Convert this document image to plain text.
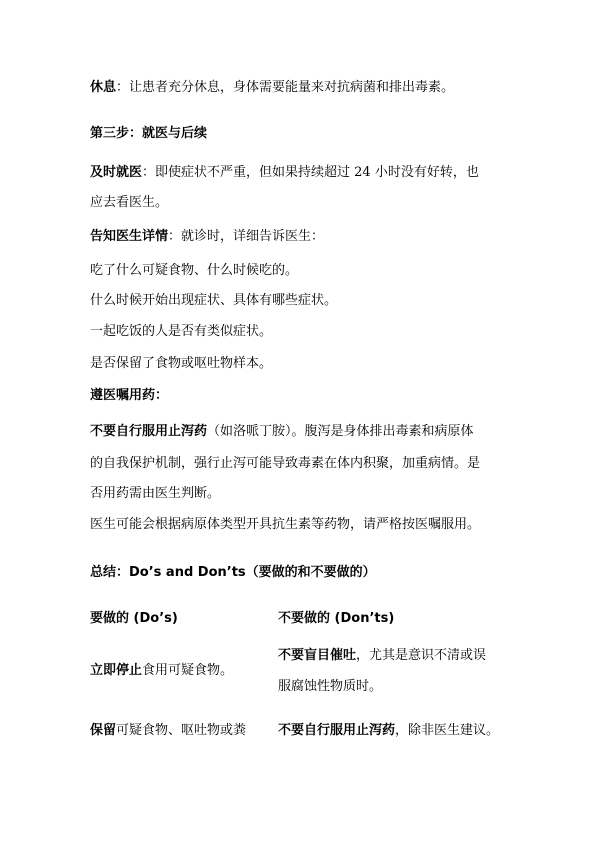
休息：让患者充分休息，身体需要能量来对抗病菌和排出毒素。
第三步：就医与后续
及时就医：即使症状不严重，但如果持续超过 24 小时没有好转，也
应去看医生。
告知医生详情：就诊时，详细告诉医生：
吃了什么可疑食物、什么时候吃的。
什么时候开始出现症状、具体有哪些症状。
一起吃饭的人是否有类似症状。
是否保留了食物或呕吐物样本。
遵医嘱用药：
不要自行服用止泻药（如洛哌丁胺）。腹泻是身体排出毒素和病原体
的自我保护机制，强行止泻可能导致毒素在体内积聚，加重病情。是
否用药需由医生判断。
医生可能会根据病原体类型开具抗生素等药物，请严格按医嘱服用。
总结：Do’s and Don’ts（要做的和不要做的）
要做的 (Do’s)	不要做的 (Don’ts)
立即停止食用可疑食物。
不要盲目催吐，尤其是意识不清或误
服腐蚀性物质时。
保留可疑食物、呕吐物或粪 不要自行服用止泻药，除非医生建议。
